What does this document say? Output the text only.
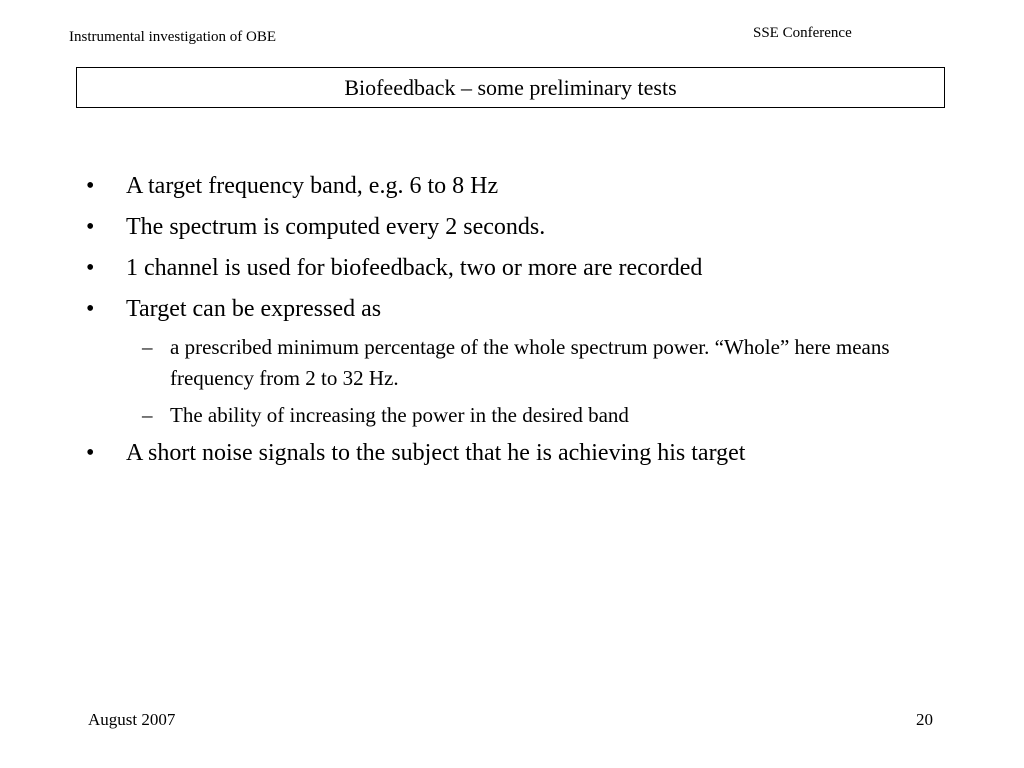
Instrumental investigation of OBE	SSE Conference
Biofeedback – some preliminary tests
•	A target frequency band, e.g. 6 to 8 Hz
•	The spectrum is computed every 2 seconds.
•	1 channel is used for biofeedback, two or more are recorded
•	Target can be expressed as
– a prescribed minimum percentage of the whole spectrum power. “Whole” here means frequency from 2 to 32 Hz.
– The ability of increasing the power in the desired band
•	A short noise signals to the subject that he is achieving his target
August 2007	20
